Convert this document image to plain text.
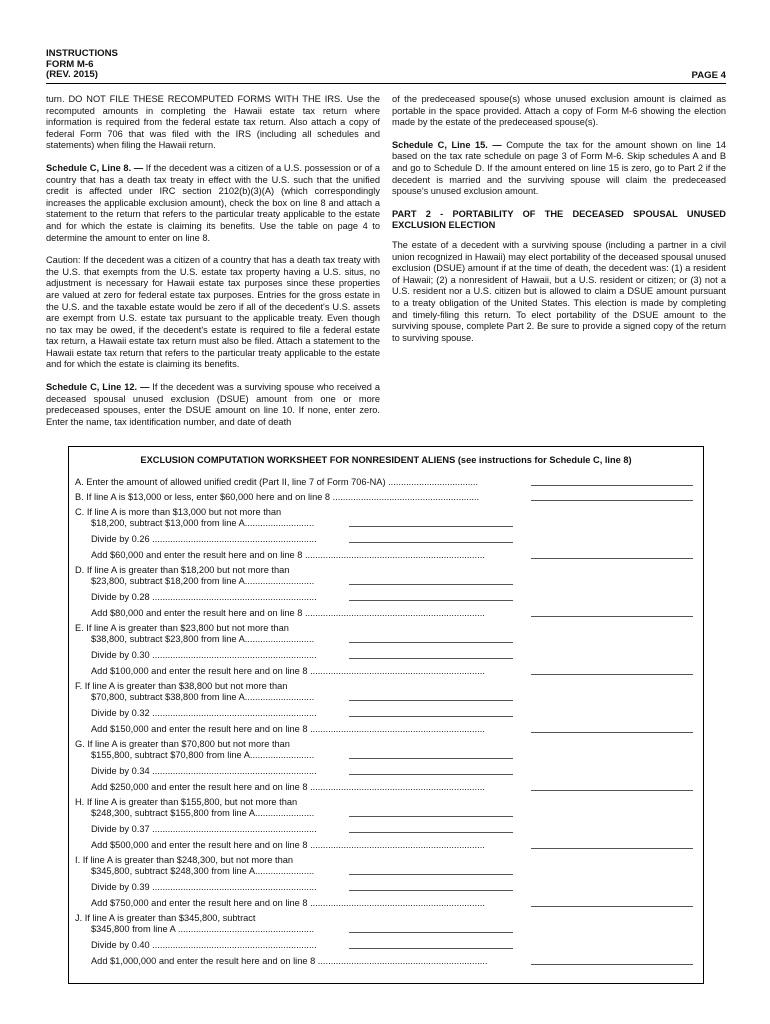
INSTRUCTIONS
FORM M-6
(REV. 2015)	PAGE 4

turn. DO NOT FILE THESE RECOMPUTED FORMS WITH THE IRS. Use the recomputed amounts in completing the Hawaii estate tax return where information is required from the federal estate tax return. Also attach a copy of federal Form 706 that was filed with the IRS (including all schedules and statements) when filing the Hawaii return.

Schedule C, Line 8. — If the decedent was a citizen of a U.S. possession or of a country that has a death tax treaty in effect with the U.S. such that the unified credit is affected under IRC section 2102(b)(3)(A) (which correspondingly increases the applicable exclusion amount), check the box on line 8 and attach a statement to the return that refers to the particular treaty applicable to the estate and for which the estate is claiming its benefits. Use the table on page 4 to determine the amount to enter on line 8.

Caution: If the decedent was a citizen of a country that has a death tax treaty with the U.S. that exempts from the U.S. estate tax property having a U.S. situs, no adjustment is necessary for Hawaii estate tax purposes since these properties are valued at zero for federal estate tax purposes. Entries for the gross estate in the U.S. and the taxable estate would be zero if all of the decedent's U.S. assets are exempt from U.S. estate tax pursuant to the applicable treaty. Even though no tax may be owed, if the decedent's estate is required to file a federal estate tax return, a Hawaii estate tax return must also be filed. Attach a statement to the Hawaii estate tax return that refers to the particular treaty applicable to the estate and for which the estate is claiming its benefits.

Schedule C, Line 12. — If the decedent was a surviving spouse who received a deceased spousal unused exclusion (DSUE) amount from one or more predeceased spouses, enter the DSUE amount on line 10. If none, enter zero. Enter the name, tax identification number, and date of death

of the predeceased spouse(s) whose unused exclusion amount is claimed as portable in the space provided. Attach a copy of Form M-6 showing the election made by the estate of the predeceased spouse(s).

Schedule C, Line 15. — Compute the tax for the amount shown on line 14 based on the tax rate schedule on page 3 of Form M-6. Skip schedules A and B and go to Schedule D. If the amount entered on line 15 is zero, go to Part 2 if the decedent is married and the surviving spouse will claim the predeceased spouse's unused exclusion amount.

PART 2 - PORTABILITY OF THE DECEASED SPOUSAL UNUSED EXCLUSION ELECTION

The estate of a decedent with a surviving spouse (including a partner in a civil union recognized in Hawaii) may elect portability of the deceased spousal unused exclusion (DSUE) amount if at the time of death, the decedent was: (1) a resident of Hawaii; (2) a nonresident of Hawaii, but a U.S. resident or citizen; or (3) not a U.S. resident nor a U.S. citizen but is allowed to claim a DSUE amount pursuant to a treaty obligation of the United States. This election is made by completing and timely-filing this return. To elect portability of the DSUE amount to the surviving spouse, complete Part 2. Be sure to provide a signed copy of the return to surviving spouse.

EXCLUSION COMPUTATION WORKSHEET FOR NONRESIDENT ALIENS (see instructions for Schedule C, line 8)
A. Enter the amount of allowed unified credit (Part II, line 7 of Form 706-NA) ...................................
B. If line A is $13,000 or less, enter $60,000 here and on line 8 .........................................................
C. If line A is more than $13,000 but not more than
$18,200, subtract $13,000 from line A...........................
Divide by 0.26 ................................................................
Add $60,000 and enter the result here and on line 8 ......................................................................
D. If line A is greater than $18,200 but not more than
$23,800, subtract $18,200 from line A...........................
Divide by 0.28 ................................................................
Add $80,000 and enter the result here and on line 8 ......................................................................
E. If line A is greater than $23,800 but not more than
$38,800, subtract $23,800 from line A...........................
Divide by 0.30 ................................................................
Add $100,000 and enter the result here and on line 8 ....................................................................
F. If line A is greater than $38,800 but not more than
$70,800, subtract $38,800 from line A...........................
Divide by 0.32 ................................................................
Add $150,000 and enter the result here and on line 8 ....................................................................
G. If line A is greater than $70,800 but not more than
$155,800, subtract $70,800 from line A.........................
Divide by 0.34 ................................................................
Add $250,000 and enter the result here and on line 8 ....................................................................
H. If line A is greater than $155,800, but not more than
$248,300, subtract $155,800 from line A.......................
Divide by 0.37 ................................................................
Add $500,000 and enter the result here and on line 8 ....................................................................
I. If line A is greater than $248,300, but not more than
$345,800, subtract $248,300 from line A.......................
Divide by 0.39 ................................................................
Add $750,000 and enter the result here and on line 8 ....................................................................
J. If line A is greater than $345,800, subtract
$345,800 from line A .....................................................
Divide by 0.40 ................................................................
Add $1,000,000 and enter the result here and on line 8 ..................................................................
